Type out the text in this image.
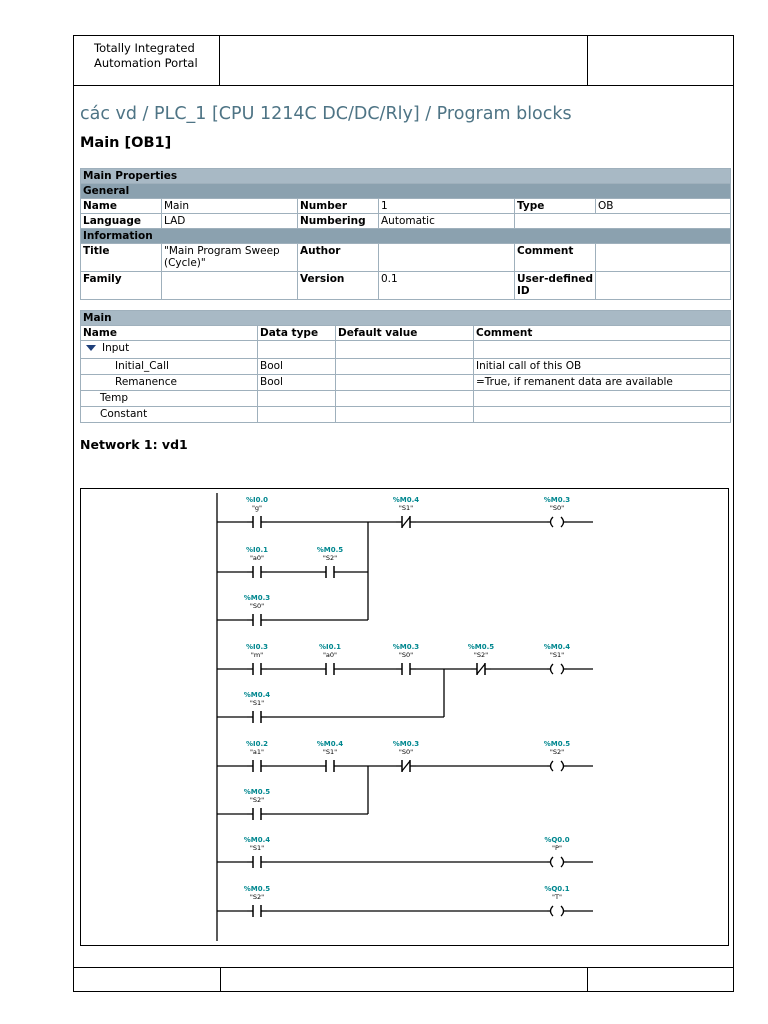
Totally Integrated
Automation Portal
các vd / PLC_1 [CPU 1214C DC/DC/Rly] / Program blocks
Main [OB1]
Main Properties					
General					
Name	Main	Number	1	Type	OB
Language	LAD	Numbering	Automatic		
Information					
Title	"Main Program Sweep (Cycle)"	Author		Comment	
Family		Version	0.1	User-defined ID	
Main			
Name	Data type	Default value	Comment
Input			
Initial_Call	Bool		Initial call of this OB
Remanence	Bool		=True, if remanent data are available
Temp			
Constant			
Network 1: vd1
%I0.0
"g"
%M0.4
"S1"
%M0.3
"S0"
%I0.1
"a0"
%M0.5
"S2"
%M0.3
"S0"
%I0.3
"m"
%I0.1
"a0"
%M0.3
"S0"
%M0.5
"S2"
%M0.4
"S1"
%M0.4
"S1"
%I0.2
"a1"
%M0.4
"S1"
%M0.3
"S0"
%M0.5
"S2"
%M0.5
"S2"
%M0.4
"S1"
%Q0.0
"P"
%M0.5
"S2"
%Q0.1
"T"
